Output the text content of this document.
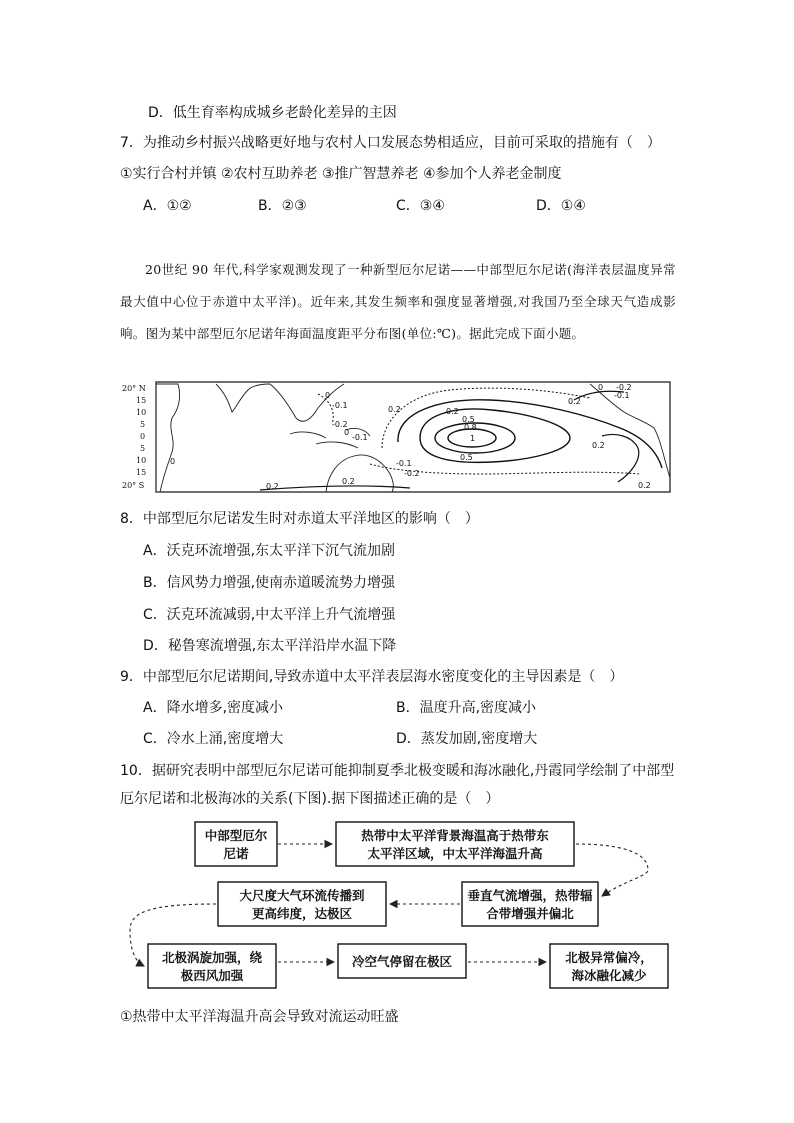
D．低生育率构成城乡老龄化差异的主因
7．为推动乡村振兴战略更好地与农村人口发展态势相适应，目前可采取的措施有（　）
①实行合村并镇 ②农村互助养老 ③推广智慧养老 ④参加个人养老金制度
A．①②	B．②③	C．③④	D．①④
20世纪 90 年代,科学家观测发现了一种新型厄尔尼诺——中部型厄尔尼诺(海洋表层温度异常最大值中心位于赤道中太平洋)。近年来,其发生频率和强度显著增强,对我国乃至全球天气造成影响。图为某中部型厄尔尼诺年海面温度距平分布图(单位:℃)。据此完成下面小题。
20° N
15
10
5
0
5
10
15
20° S
-0.2
0
-0.1
0.2
0.5
0.8
1
0.5
0.2
-0.1
-0.2
0
-0.1
0.2
0.2
0.2
0.2
0.2
-0.2
-0.1
0
0
8．中部型厄尔尼诺发生时对赤道太平洋地区的影响（　）
A．沃克环流增强,东太平洋下沉气流加剧
B．信风势力增强,使南赤道暖流势力增强
C．沃克环流减弱,中太平洋上升气流增强
D．秘鲁寒流增强,东太平洋沿岸水温下降
9．中部型厄尔尼诺期间,导致赤道中太平洋表层海水密度变化的主导因素是（　）
A．降水增多,密度减小	B．温度升高,密度减小
C．冷水上涌,密度增大	D．蒸发加剧,密度增大
10．据研究表明中部型厄尔尼诺可能抑制夏季北极变暖和海冰融化,丹霞同学绘制了中部型
厄尔尼诺和北极海冰的关系(下图).据下图描述正确的是（　）
中部型厄尔
尼诺
热带中太平洋背景海温高于热带东
太平洋区域，中太平洋海温升高
垂直气流增强，热带辐
合带增强并偏北
大尺度大气环流传播到
更高纬度，达极区
北极涡旋加强，绕
极西风加强
冷空气停留在极区	北极异常偏冷，
海冰融化减少
①热带中太平洋海温升高会导致对流运动旺盛
